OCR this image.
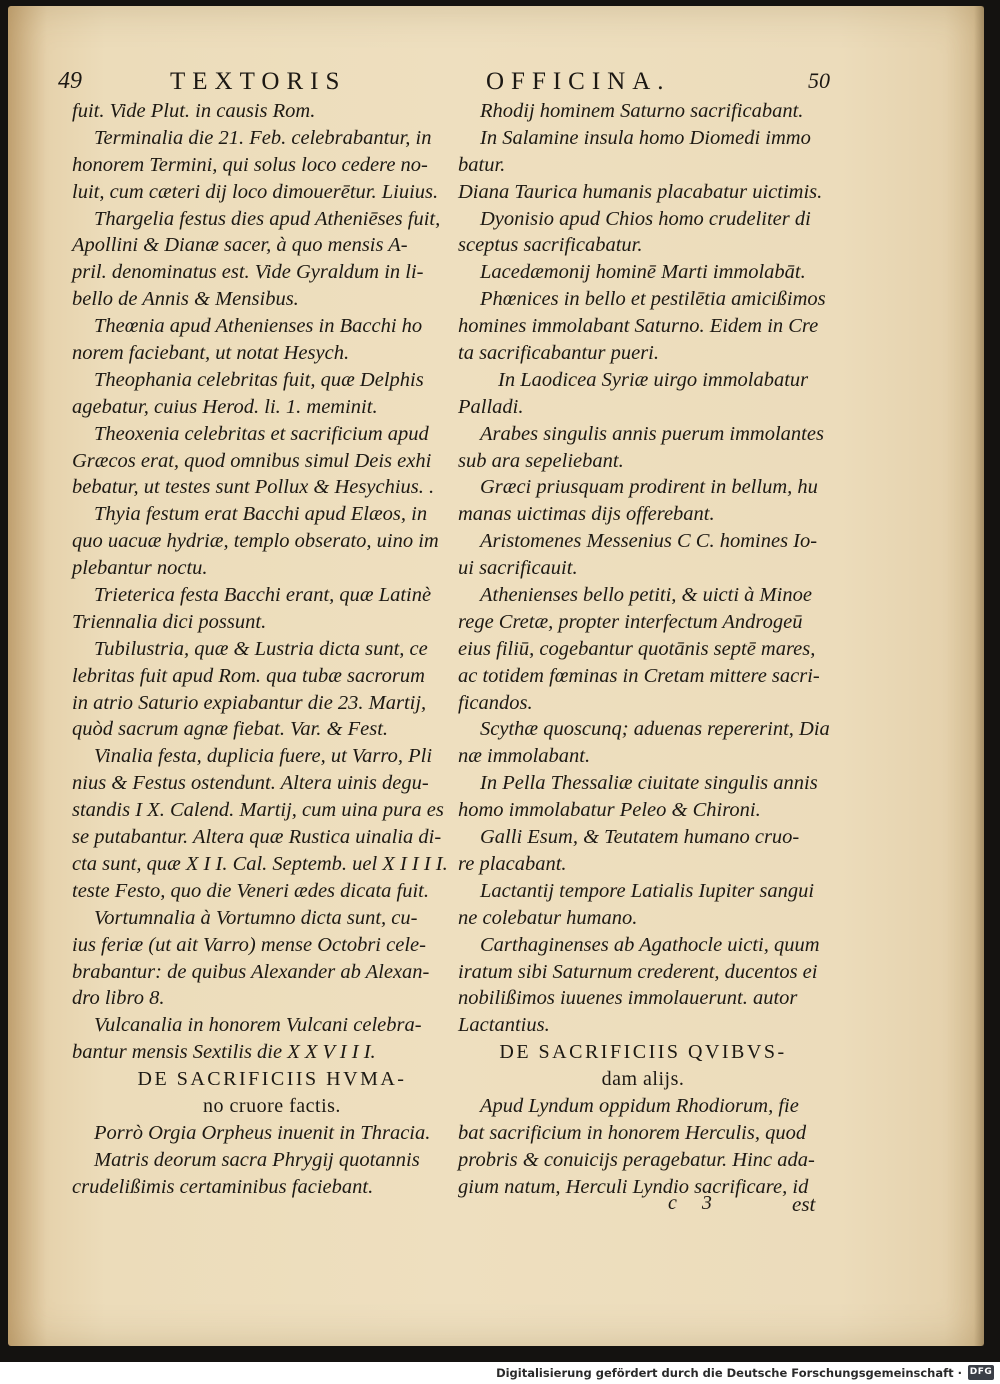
49	TEXTORIS	OFFICINA.	50
fuit. Vide Plut. in causis Rom.
Terminalia die 21. Feb. celebrabantur, in
honorem Termini, qui solus loco cedere no-
luit, cum cæteri dij loco dimouerētur. Liuius.
Thargelia festus dies apud Atheniēses fuit,
Apollini & Dianæ sacer, à quo mensis A-
pril. denominatus est. Vide Gyraldum in li-
bello de Annis & Mensibus.
Theœnia apud Athenienses in Bacchi ho
norem faciebant, ut notat Hesych.
Theophania celebritas fuit, quæ Delphis
agebatur, cuius Herod. li. 1. meminit.
Theoxenia celebritas et sacrificium apud
Græcos erat, quod omnibus simul Deis exhi
bebatur, ut testes sunt Pollux & Hesychius. .
Thyia festum erat Bacchi apud Elæos, in
quo uacuæ hydriæ, templo obserato, uino im
plebantur noctu.
Trieterica festa Bacchi erant, quæ Latinè
Triennalia dici possunt.
Tubilustria, quæ & Lustria dicta sunt, ce
lebritas fuit apud Rom. qua tubæ sacrorum
in atrio Saturio expiabantur die 23. Martij,
quòd sacrum agnæ fiebat. Var. & Fest.
Vinalia festa, duplicia fuere, ut Varro, Pli
nius & Festus ostendunt. Altera uinis degu-
standis I X. Calend. Martij, cum uina pura es
se putabantur. Altera quæ Rustica uinalia di-
cta sunt, quæ X I I. Cal. Septemb. uel X I I I I.
teste Festo, quo die Veneri ædes dicata fuit.
Vortumnalia à Vortumno dicta sunt, cu-
ius feriæ (ut ait Varro) mense Octobri cele-
brabantur: de quibus Alexander ab Alexan-
dro libro 8.
Vulcanalia in honorem Vulcani celebra-
bantur mensis Sextilis die X X V I I I.
DE SACRIFICIIS HVMA-
no cruore factis.
Porrò Orgia Orpheus inuenit in Thracia.
Matris deorum sacra Phrygij quotannis
crudelißimis certaminibus faciebant.
Rhodij hominem Saturno sacrificabant.
In Salamine insula homo Diomedi immo
batur.
Diana Taurica humanis placabatur uictimis.
Dyonisio apud Chios homo crudeliter di
sceptus sacrificabatur.
Lacedæmonij hominē Marti immolabāt.
Phœnices in bello et pestilētia amicißimos
homines immolabant Saturno. Eidem in Cre
ta sacrificabantur pueri.
In Laodicea Syriæ uirgo immolabatur
Palladi.
Arabes singulis annis puerum immolantes
sub ara sepeliebant.
Græci priusquam prodirent in bellum, hu
manas uictimas dijs offerebant.
Aristomenes Messenius C C. homines Io-
ui sacrificauit.
Athenienses bello petiti, & uicti à Minoe
rege Cretæ, propter interfectum Androgeū
eius filiū, cogebantur quotānis septē mares,
ac totidem fœminas in Cretam mittere sacri-
ficandos.
Scythæ quoscunq; aduenas repererint, Dia
næ immolabant.
In Pella Thessaliæ ciuitate singulis annis
homo immolabatur Peleo & Chironi.
Galli Esum, & Teutatem humano cruo-
re placabant.
Lactantij tempore Latialis Iupiter sangui
ne colebatur humano.
Carthaginenses ab Agathocle uicti, quum
iratum sibi Saturnum crederent, ducentos ei
nobilißimos iuuenes immolauerunt. autor
Lactantius.
DE SACRIFICIIS QVIBVS-
dam alijs.
Apud Lyndum oppidum Rhodiorum, fie
bat sacrificium in honorem Herculis, quod
probris & conuicijs peragebatur. Hinc ada-
gium natum, Herculi Lyndio sacrificare, id
c 3	est
Digitalisierung gefördert durch die Deutsche Forschungsgemeinschaft · DFG
